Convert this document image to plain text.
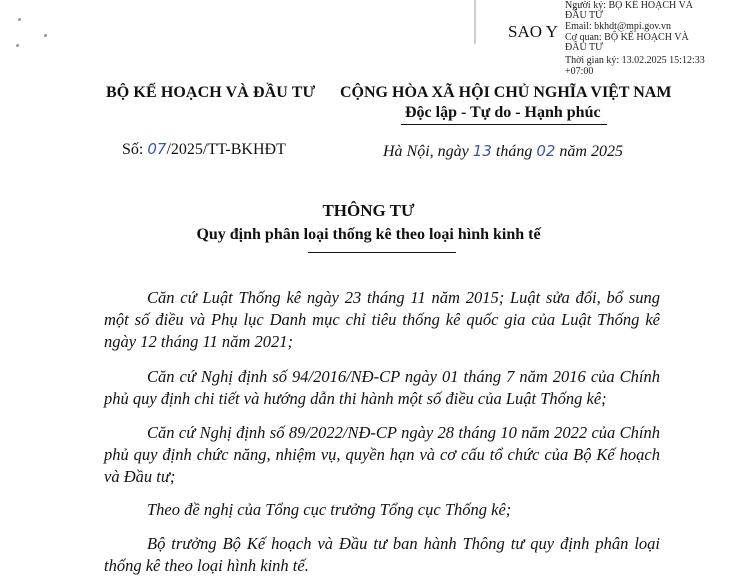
Người ký: BỘ KẾ HOẠCH VÀ
ĐẦU TƯ
Email: bkhdt@mpi.gov.vn
Cơ quan: BỘ KẾ HOẠCH VÀ
ĐẦU TƯ
Thời gian ký: 13.02.2025 15:12:33
+07:00
SAO Y
BỘ KẾ HOẠCH VÀ ĐẦU TƯ CỘNG HÒA XÃ HỘI CHỦ NGHĨA VIỆT NAM
Độc lập - Tự do - Hạnh phúc
Số: 07/2025/TT-BKHĐT	Hà Nội, ngày 13 tháng 02 năm 2025
THÔNG TƯ
Quy định phân loại thống kê theo loại hình kinh tế
Căn cứ Luật Thống kê ngày 23 tháng 11 năm 2015; Luật sửa đổi, bổ sung một số điều và Phụ lục Danh mục chỉ tiêu thống kê quốc gia của Luật Thống kê ngày 12 tháng 11 năm 2021;
Căn cứ Nghị định số 94/2016/NĐ-CP ngày 01 tháng 7 năm 2016 của Chính phủ quy định chi tiết và hướng dẫn thi hành một số điều của Luật Thống kê;
Căn cứ Nghị định số 89/2022/NĐ-CP ngày 28 tháng 10 năm 2022 của Chính phủ quy định chức năng, nhiệm vụ, quyền hạn và cơ cấu tổ chức của Bộ Kế hoạch và Đầu tư;
Theo đề nghị của Tổng cục trưởng Tổng cục Thống kê;
Bộ trưởng Bộ Kế hoạch và Đầu tư ban hành Thông tư quy định phân loại thống kê theo loại hình kinh tế.
